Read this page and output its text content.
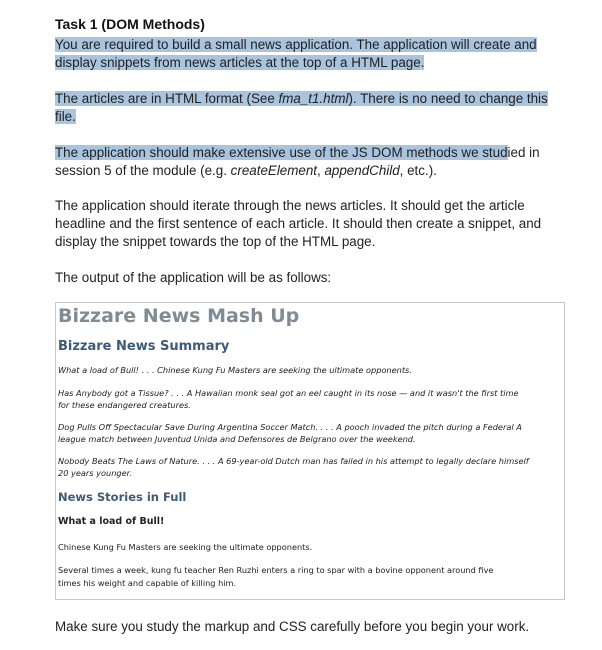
Task 1 (DOM Methods)
You are required to build a small news application. The application will create and
display snippets from news articles at the top of a HTML page.
The articles are in HTML format (See fma_t1.html). There is no need to change this
file.
The application should make extensive use of the JS DOM methods we studied in
session 5 of the module (e.g. createElement, appendChild, etc.).
The application should iterate through the news articles. It should get the article
headline and the first sentence of each article. It should then create a snippet, and
display the snippet towards the top of the HTML page.
The output of the application will be as follows:
Bizzare News Mash Up
Bizzare News Summary
What a load of Bull! . . . Chinese Kung Fu Masters are seeking the ultimate opponents.
Has Anybody got a Tissue? . . . A Hawaiian monk seal got an eel caught in its nose — and it wasn't the first time
for these endangered creatures.
Dog Pulls Off Spectacular Save During Argentina Soccer Match. . . . A pooch invaded the pitch during a Federal A
league match between Juventud Unida and Defensores de Belgrano over the weekend.
Nobody Beats The Laws of Nature. . . . A 69-year-old Dutch man has failed in his attempt to legally declare himself
20 years younger.
News Stories in Full
What a load of Bull!
Chinese Kung Fu Masters are seeking the ultimate opponents.
Several times a week, kung fu teacher Ren Ruzhi enters a ring to spar with a bovine opponent around five
times his weight and capable of killing him.
Make sure you study the markup and CSS carefully before you begin your work.
